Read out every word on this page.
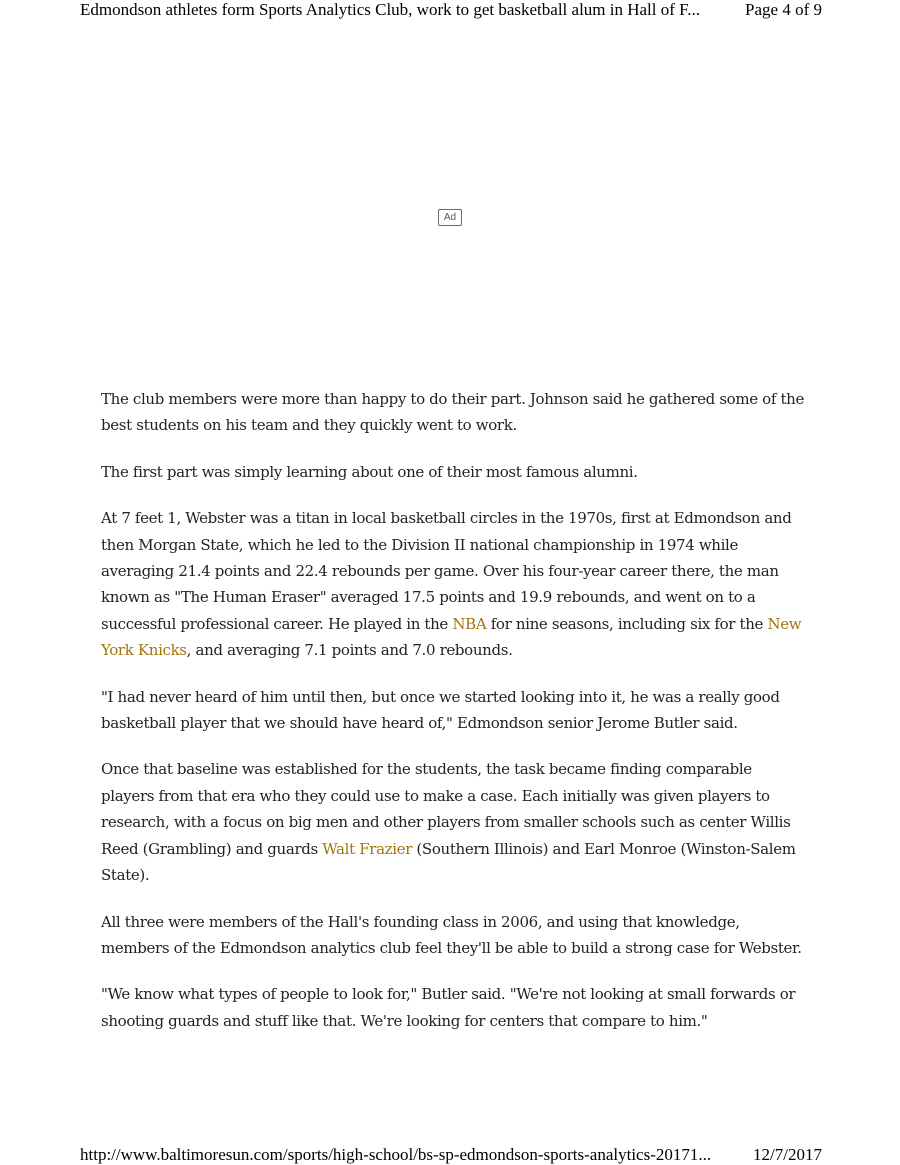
Edmondson athletes form Sports Analytics Club, work to get basketball alum in Hall of F...	Page 4 of 9
Ad

The club members were more than happy to do their part. Johnson said he gathered some of the best students on his team and they quickly went to work.

The first part was simply learning about one of their most famous alumni.

At 7 feet 1, Webster was a titan in local basketball circles in the 1970s, first at Edmondson and then Morgan State, which he led to the Division II national championship in 1974 while averaging 21.4 points and 22.4 rebounds per game. Over his four-year career there, the man known as "The Human Eraser" averaged 17.5 points and 19.9 rebounds, and went on to a successful professional career. He played in the NBA for nine seasons, including six for the New York Knicks, and averaging 7.1 points and 7.0 rebounds.

"I had never heard of him until then, but once we started looking into it, he was a really good basketball player that we should have heard of," Edmondson senior Jerome Butler said.

Once that baseline was established for the students, the task became finding comparable players from that era who they could use to make a case. Each initially was given players to research, with a focus on big men and other players from smaller schools such as center Willis Reed (Grambling) and guards Walt Frazier (Southern Illinois) and Earl Monroe (Winston-Salem State).

All three were members of the Hall's founding class in 2006, and using that knowledge, members of the Edmondson analytics club feel they'll be able to build a strong case for Webster.

"We know what types of people to look for," Butler said. "We're not looking at small forwards or shooting guards and stuff like that. We're looking for centers that compare to him."

http://www.baltimoresun.com/sports/high-school/bs-sp-edmondson-sports-analytics-20171... 12/7/2017
